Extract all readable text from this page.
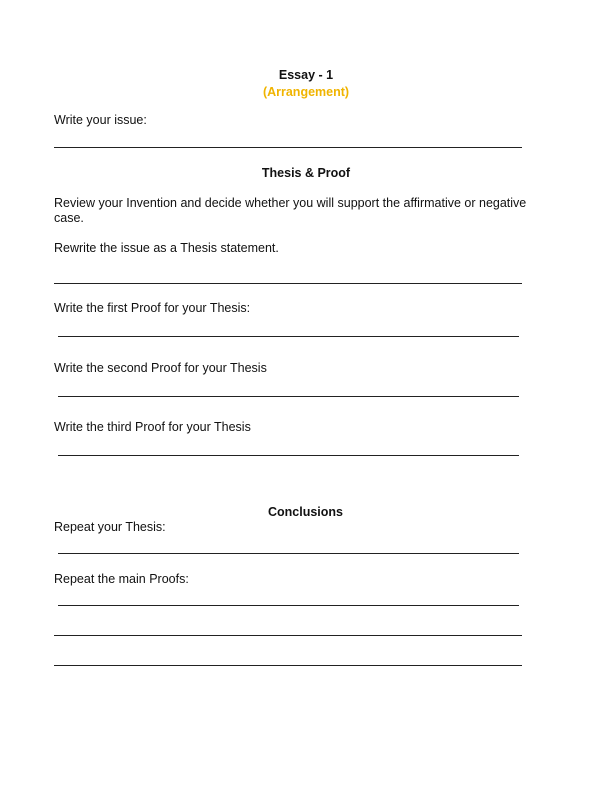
Essay - 1
(Arrangement)
Write your issue:
Thesis & Proof
Review your Invention and decide whether you will support the affirmative or negative case.
Rewrite the issue as a Thesis statement.
Write the first Proof for your Thesis:
Write the second Proof for your Thesis
Write the third Proof for your Thesis
Conclusions
Repeat your Thesis:
Repeat the main Proofs:
